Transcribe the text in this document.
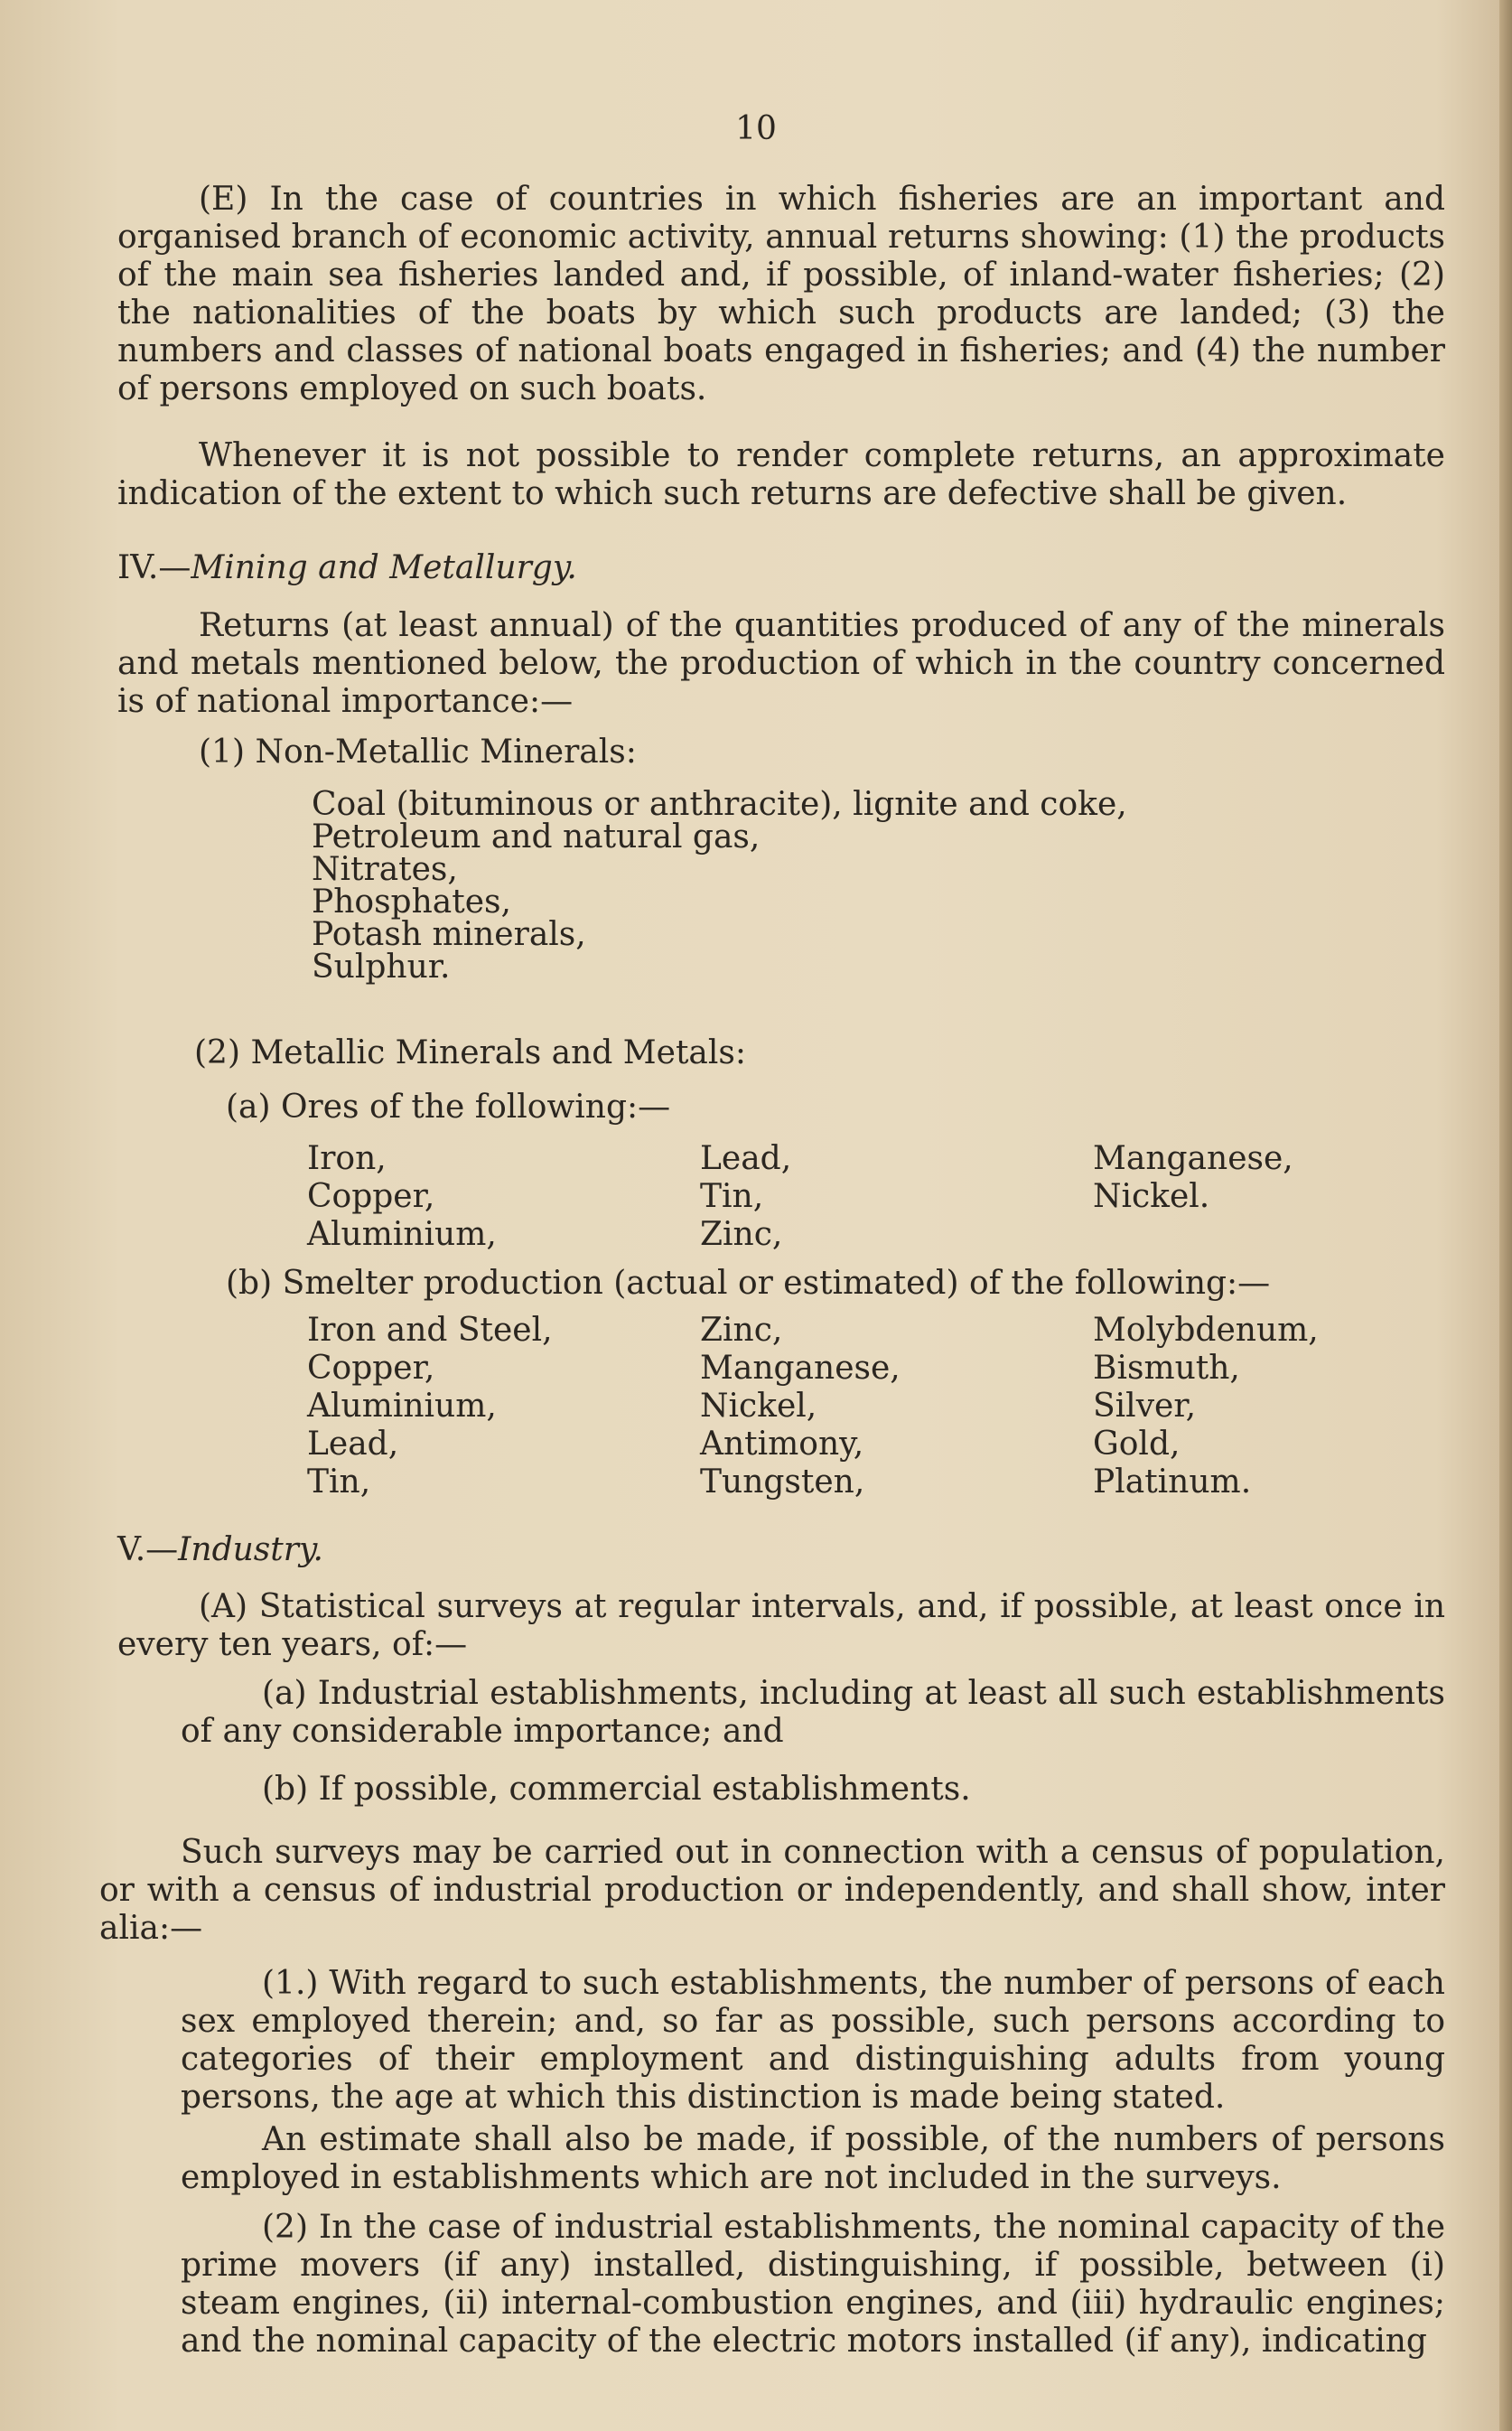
10

(E) In the case of countries in which fisheries are an important and organised branch of economic activity, annual returns showing: (1) the products of the main sea fisheries landed and, if possible, of inland-water fisheries; (2) the nationalities of the boats by which such products are landed; (3) the numbers and classes of national boats engaged in fisheries; and (4) the number of persons employed on such boats.

Whenever it is not possible to render complete returns, an approximate indication of the extent to which such returns are defective shall be given.

IV.—Mining and Metallurgy.

Returns (at least annual) of the quantities produced of any of the minerals and metals mentioned below, the production of which in the country concerned is of national importance:—

(1) Non-Metallic Minerals:
Coal (bituminous or anthracite), lignite and coke,
Petroleum and natural gas,
Nitrates,
Phosphates,
Potash minerals,
Sulphur.
(2) Metallic Minerals and Metals:
(a) Ores of the following:—
Iron,	Lead,	Manganese,
Copper,	Tin,	Nickel.
Aluminium,	Zinc,
(b) Smelter production (actual or estimated) of the following:—
Iron and Steel,	Zinc,	Molybdenum,
Copper,	Manganese,	Bismuth,
Aluminium,	Nickel,	Silver,
Lead,	Antimony,	Gold,
Tin,	Tungsten,	Platinum.
V.—Industry.

(A) Statistical surveys at regular intervals, and, if possible, at least once in every ten years, of:—

(a) Industrial establishments, including at least all such establishments of any considerable importance; and

(b) If possible, commercial establishments.

Such surveys may be carried out in connection with a census of population, or with a census of industrial production or independently, and shall show, inter alia:—

(1.) With regard to such establishments, the number of persons of each sex employed therein; and, so far as possible, such persons according to categories of their employment and distinguishing adults from young persons, the age at which this distinction is made being stated.

An estimate shall also be made, if possible, of the numbers of persons employed in establishments which are not included in the surveys.

(2) In the case of industrial establishments, the nominal capacity of the prime movers (if any) installed, distinguishing, if possible, between (i) steam engines, (ii) internal-combustion engines, and (iii) hydraulic engines; and the nominal capacity of the electric motors installed (if any), indicating
